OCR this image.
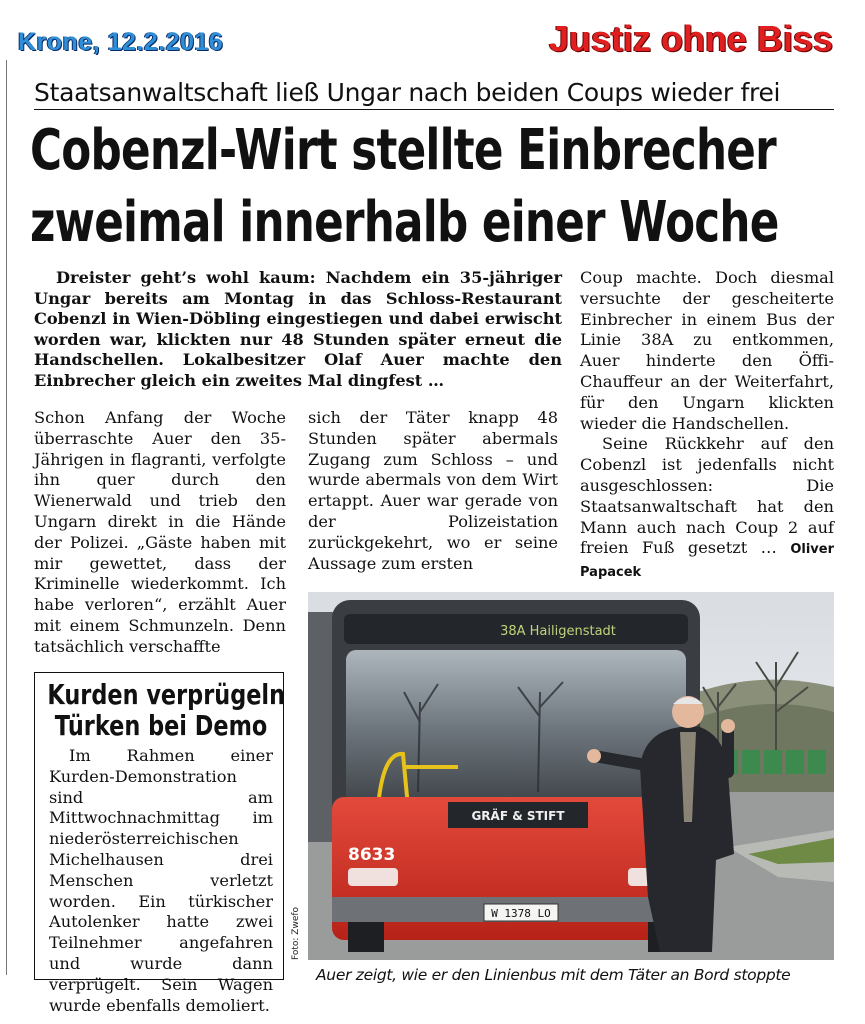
Krone, 12.2.2016	Justiz ohne Biss
Staatsanwaltschaft ließ Ungar nach beiden Coups wieder frei
Cobenzl-Wirt stellte Einbrecher
zweimal innerhalb einer Woche
Dreister geht’s wohl kaum: Nachdem ein 35-jähriger Ungar bereits am Montag in das Schloss-Restaurant Cobenzl in Wien-Döbling eingestiegen und dabei erwischt worden war, klickten nur 48 Stunden später erneut die Handschellen. Lokalbesitzer Olaf Auer machte den Einbrecher gleich ein zweites Mal dingfest …
Schon Anfang der Woche überraschte Auer den 35-Jährigen in flagranti, verfolgte ihn quer durch den Wienerwald und trieb den Ungarn direkt in die Hände der Polizei. „Gäste haben mit mir gewettet, dass der Kriminelle wiederkommt. Ich habe verloren“, erzählt Auer mit einem Schmunzeln. Denn tatsächlich verschaffte
sich der Täter knapp 48 Stunden später abermals Zugang zum Schloss – und wurde abermals von dem Wirt ertappt. Auer war gerade von der Polizeistation zurückgekehrt, wo er seine Aussage zum ersten

Coup machte. Doch diesmal versuchte der gescheiterte Einbrecher in einem Bus der Linie 38A zu entkommen, Auer hinderte den Öffi-Chauffeur an der Weiterfahrt, für den Ungarn klickten wieder die Handschellen.

Seine Rückkehr auf den Cobenzl ist jedenfalls nicht ausgeschlossen: Die Staatsanwaltschaft hat den Mann auch nach Coup 2 auf freien Fuß gesetzt … Oliver Papacek

Kurden verprügeln
Türken bei Demo
Im Rahmen einer Kurden-Demonstration sind am Mittwochnachmittag im niederösterreichischen Michelhausen drei Menschen verletzt worden. Ein türkischer Autolenker hatte zwei Teilnehmer angefahren und wurde dann verprügelt. Sein Wagen wurde ebenfalls demoliert.
38A Hailigenstadt
GRÄF & STIFT
8633
W 1378 LO
Foto: Zwefo
Auer zeigt, wie er den Linienbus mit dem Täter an Bord stoppte
